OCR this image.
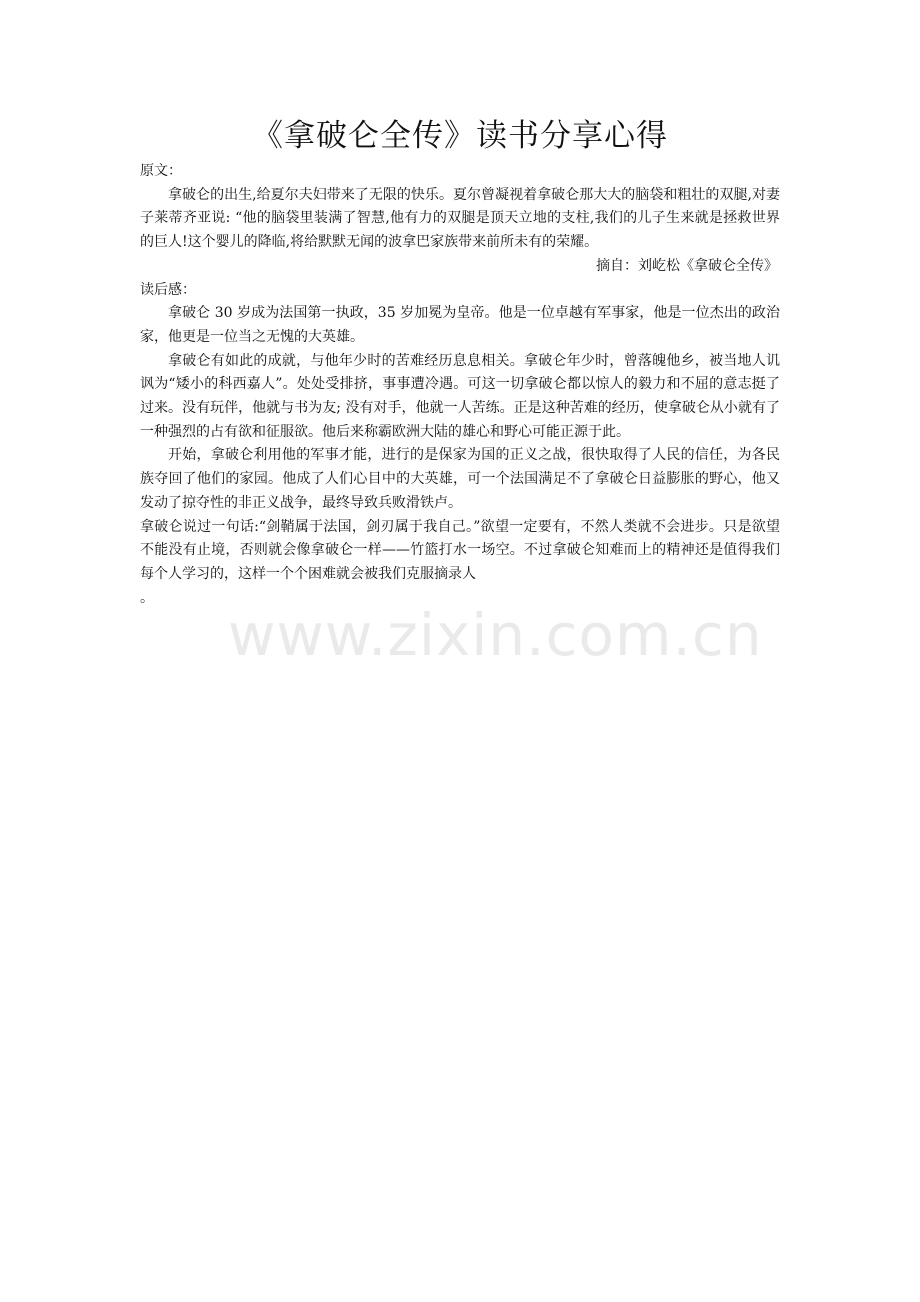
《拿破仑全传》读书分享心得

原文：

拿破仑的出生,给夏尔夫妇带来了无限的快乐。夏尔曾凝视着拿破仑那大大的脑袋和粗壮的双腿,对妻子莱蒂齐亚说: “他的脑袋里装满了智慧,他有力的双腿是顶天立地的支柱,我们的儿子生来就是拯救世界的巨人!这个婴儿的降临,将给默默无闻的波拿巴家族带来前所未有的荣耀。

摘自：刘屹松《拿破仑全传》

读后感：

拿破仑 30 岁成为法国第一执政，35 岁加冕为皇帝。他是一位卓越有军事家，他是一位杰出的政治家，他更是一位当之无愧的大英雄。

拿破仑有如此的成就，与他年少时的苦难经历息息相关。拿破仑年少时，曾落魄他乡，被当地人讥讽为“矮小的科西嘉人”。处处受排挤，事事遭冷遇。可这一切拿破仑都以惊人的毅力和不屈的意志挺了过来。没有玩伴，他就与书为友; 没有对手，他就一人苦练。正是这种苦难的经历，使拿破仑从小就有了一种强烈的占有欲和征服欲。他后来称霸欧洲大陆的雄心和野心可能正源于此。

开始，拿破仑利用他的军事才能，进行的是保家为国的正义之战，很快取得了人民的信任，为各民族夺回了他们的家园。他成了人们心目中的大英雄，可一个法国满足不了拿破仑日益膨胀的野心，他又发动了掠夺性的非正义战争，最终导致兵败滑铁卢。

拿破仑说过一句话:“剑鞘属于法国，剑刃属于我自己。”欲望一定要有，不然人类就不会进步。只是欲望不能没有止境，否则就会像拿破仑一样——竹篮打水一场空。不过拿破仑知难而上的精神还是值得我们每个人学习的，这样一个个困难就会被我们克服摘录人

。

www.zixin.com.cn
